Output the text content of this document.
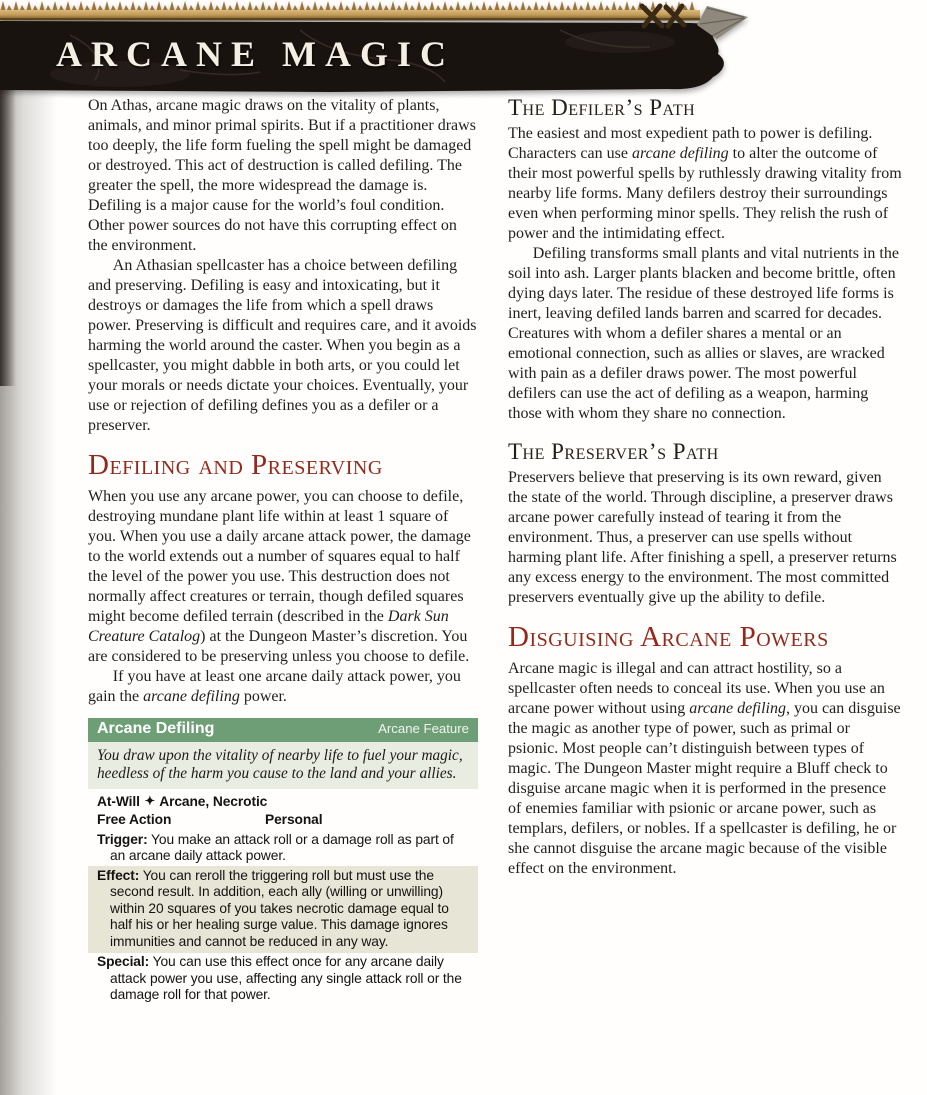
ARCANE MAGIC

On Athas, arcane magic draws on the vitality of plants, animals, and minor primal spirits. But if a practitioner draws too deeply, the life form fueling the spell might be damaged or destroyed. This act of destruction is called defiling. The greater the spell, the more widespread the damage is. Defiling is a major cause for the world’s foul condition. Other power sources do not have this corrupting effect on the environment.

An Athasian spellcaster has a choice between defiling and preserving. Defiling is easy and intoxicating, but it destroys or damages the life from which a spell draws power. Preserving is difficult and requires care, and it avoids harming the world around the caster. When you begin as a spellcaster, you might dabble in both arts, or you could let your morals or needs dictate your choices. Eventually, your use or rejection of defiling defines you as a defiler or a preserver.

Defiling and Preserving

When you use any arcane power, you can choose to defile, destroying mundane plant life within at least 1 square of you. When you use a daily arcane attack power, the damage to the world extends out a number of squares equal to half the level of the power you use. This destruction does not normally affect creatures or terrain, though defiled squares might become defiled terrain (described in the Dark Sun Creature Catalog) at the Dungeon Master’s discretion. You are considered to be preserving unless you choose to defile.

If you have at least one arcane daily attack power, you gain the arcane defiling power.

Arcane Defiling	Arcane Feature
You draw upon the vitality of nearby life to fuel your magic, heedless of the harm you cause to the land and your allies.
At-Will ✦ Arcane, Necrotic
Free Action	Personal
Trigger: You make an attack roll or a damage roll as part of an arcane daily attack power.
Effect: You can reroll the triggering roll but must use the second result. In addition, each ally (willing or unwilling) within 20 squares of you takes necrotic damage equal to half his or her healing surge value. This damage ignores immunities and cannot be reduced in any way.
Special: You can use this effect once for any arcane daily attack power you use, affecting any single attack roll or the damage roll for that power.
The Defiler’s Path

The easiest and most expedient path to power is defiling. Characters can use arcane defiling to alter the outcome of their most powerful spells by ruthlessly drawing vitality from nearby life forms. Many defilers destroy their surroundings even when performing minor spells. They relish the rush of power and the intimidating effect.

Defiling transforms small plants and vital nutrients in the soil into ash. Larger plants blacken and become brittle, often dying days later. The residue of these destroyed life forms is inert, leaving defiled lands barren and scarred for decades. Creatures with whom a defiler shares a mental or an emotional connection, such as allies or slaves, are wracked with pain as a defiler draws power. The most powerful defilers can use the act of defiling as a weapon, harming those with whom they share no connection.

The Preserver’s Path

Preservers believe that preserving is its own reward, given the state of the world. Through discipline, a preserver draws arcane power carefully instead of tearing it from the environment. Thus, a preserver can use spells without harming plant life. After finishing a spell, a preserver returns any excess energy to the environment. The most committed preservers eventually give up the ability to defile.

Disguising Arcane Powers

Arcane magic is illegal and can attract hostility, so a spellcaster often needs to conceal its use. When you use an arcane power without using arcane defiling, you can disguise the magic as another type of power, such as primal or psionic. Most people can’t distinguish between types of magic. The Dungeon Master might require a Bluff check to disguise arcane magic when it is performed in the presence of enemies familiar with psionic or arcane power, such as templars, defilers, or nobles. If a spellcaster is defiling, he or she cannot disguise the arcane magic because of the visible effect on the environment.
